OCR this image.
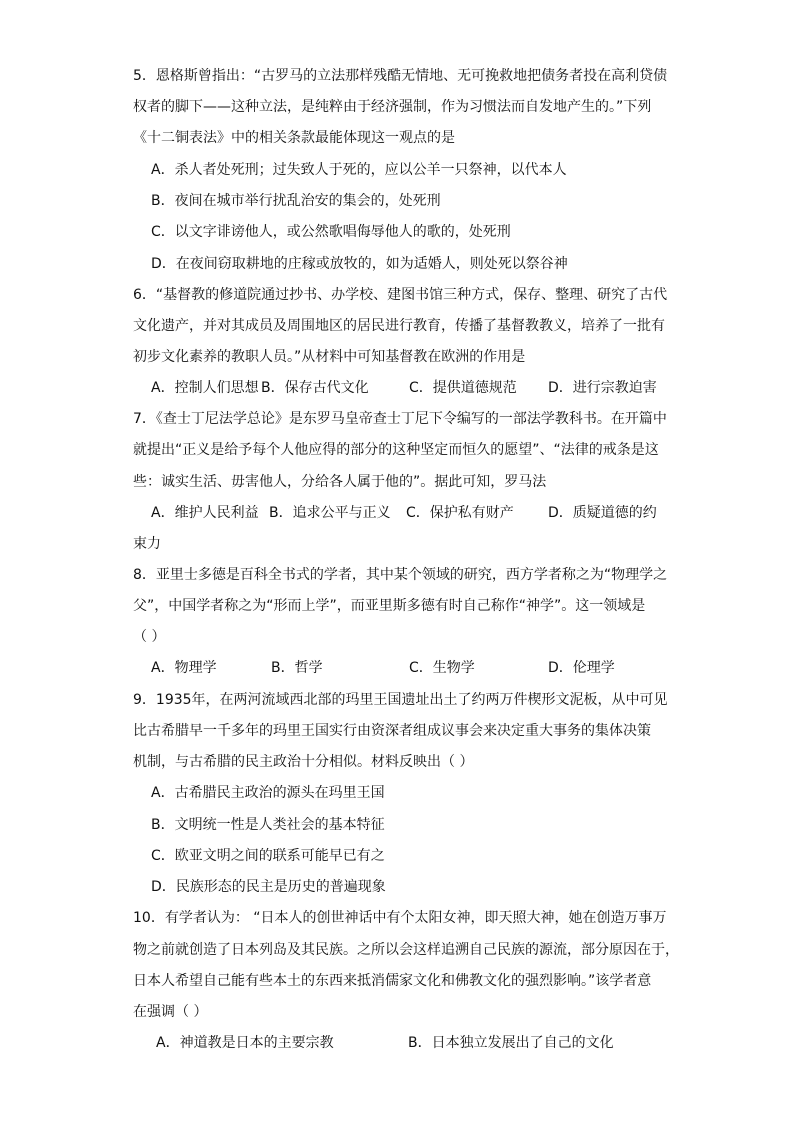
5．恩格斯曾指出：“古罗马的立法那样残酷无情地、无可挽救地把债务者投在高利贷债
权者的脚下——这种立法，是纯粹由于经济强制，作为习惯法而自发地产生的。”下列
《十二铜表法》中的相关条款最能体现这一观点的是
A．杀人者处死刑；过失致人于死的，应以公羊一只祭神，以代本人
B．夜间在城市举行扰乱治安的集会的，处死刑
C．以文字诽谤他人，或公然歌唱侮辱他人的歌的，处死刑
D．在夜间窃取耕地的庄稼或放牧的，如为适婚人，则处死以祭谷神
6．“基督教的修道院通过抄书、办学校、建图书馆三种方式，保存、整理、研究了古代
文化遗产，并对其成员及周围地区的居民进行教育，传播了基督教教义，培养了一批有
初步文化素养的教职人员。”从材料中可知基督教在欧洲的作用是
A．控制人们思想 B．保存古代文化	C．提供道德规范 D．进行宗教迫害
7．《查士丁尼法学总论》是东罗马皇帝查士丁尼下令编写的一部法学教科书。在开篇中
就提出“正义是给予每个人他应得的部分的这种坚定而恒久的愿望”、“法律的戒条是这
些：诚实生活、毋害他人，分给各人属于他的”。据此可知，罗马法
A．维护人民利益 B．追求公平与正义 C．保护私有财产 D．质疑道德的约
束力
8．亚里士多德是百科全书式的学者，其中某个领域的研究，西方学者称之为“物理学之
父”，中国学者称之为“形而上学”，而亚里斯多德有时自己称作“神学”。这一领域是
（ ）
A．物理学	B．哲学	C．生物学	D．伦理学
9．1935年，在两河流域西北部的玛里王国遗址出土了约两万件楔形文泥板，从中可见
比古希腊早一千多年的玛里王国实行由资深者组成议事会来决定重大事务的集体决策
机制，与古希腊的民主政治十分相似。材料反映出（ ）
A．古希腊民主政治的源头在玛里王国
B．文明统一性是人类社会的基本特征
C．欧亚文明之间的联系可能早已有之
D．民族形态的民主是历史的普遍现象
10．有学者认为： “日本人的创世神话中有个太阳女神，即天照大神，她在创造万事万
物之前就创造了日本列岛及其民族。之所以会这样追溯自己民族的源流，部分原因在于，
日本人希望自己能有些本土的东西来抵消儒家文化和佛教文化的强烈影响。”该学者意
在强调（ ）
A．神道教是日本的主要宗教	B．日本独立发展出了自己的文化
